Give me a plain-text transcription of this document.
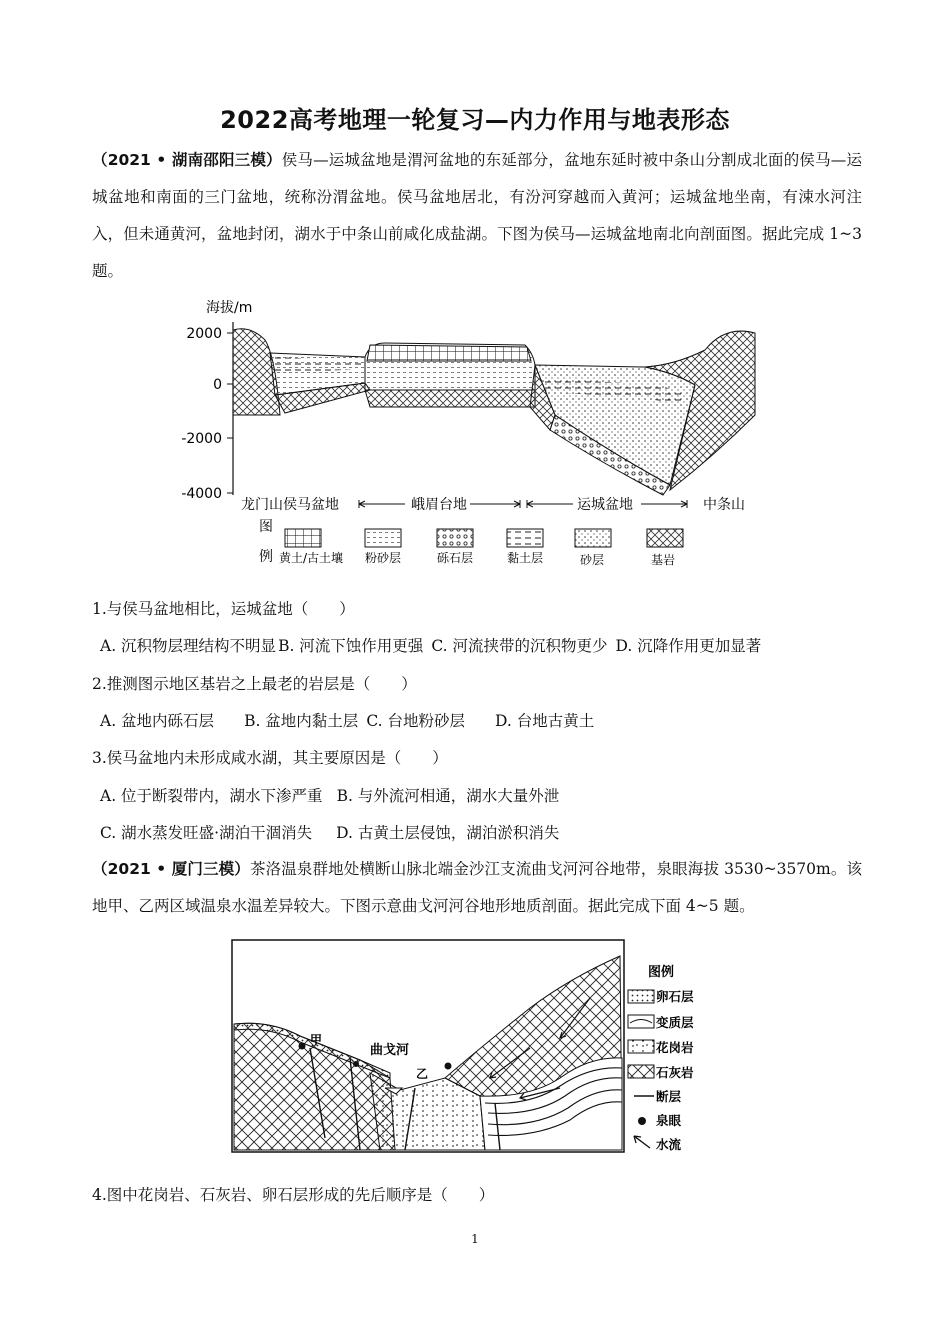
2022高考地理一轮复习—内力作用与地表形态
（2021 • 湖南邵阳三模）侯马—运城盆地是渭河盆地的东延部分，盆地东延时被中条山分割成北面的侯马—运城盆地和南面的三门盆地，统称汾渭盆地。侯马盆地居北，有汾河穿越而入黄河；运城盆地坐南，有涑水河注入，但未通黄河，盆地封闭，湖水于中条山前咸化成盐湖。下图为侯马—运城盆地南北向剖面图。据此完成 1~3 题。
海拔/m
2000
0
-2000
-4000
龙门山侯马盆地	峨眉台地	运城盆地	中条山
图
例 黄土/古土壤 粉砂层	砾石层	黏土层	砂层	基岩
1.与侯马盆地相比，运城盆地（　　）
A. 沉积物层理结构不明显 B. 河流下蚀作用更强 C. 河流挟带的沉积物更少 D. 沉降作用更加显著
2.推测图示地区基岩之上最老的岩层是（　　）
A. 盆地内砾石层 B. 盆地内黏土层 C. 台地粉砂层 D. 台地古黄土
3.侯马盆地内未形成咸水湖，其主要原因是（　　）
A. 位于断裂带内，湖水下渗严重 B. 与外流河相通，湖水大量外泄
C. 湖水蒸发旺盛·湖泊干涸消失 D. 古黄土层侵蚀，湖泊淤积消失
（2021 • 厦门三模）茶洛温泉群地处横断山脉北端金沙江支流曲戈河河谷地带，泉眼海拔 3530~3570m。该地甲、乙两区域温泉水温差异较大。下图示意曲戈河河谷地形地质剖面。据此完成下面 4~5 题。
曲戈河
甲
乙
图例
卵石层
变质层
花岗岩
石灰岩
断层
泉眼
水流
4.图中花岗岩、石灰岩、卵石层形成的先后顺序是（　　）
1
